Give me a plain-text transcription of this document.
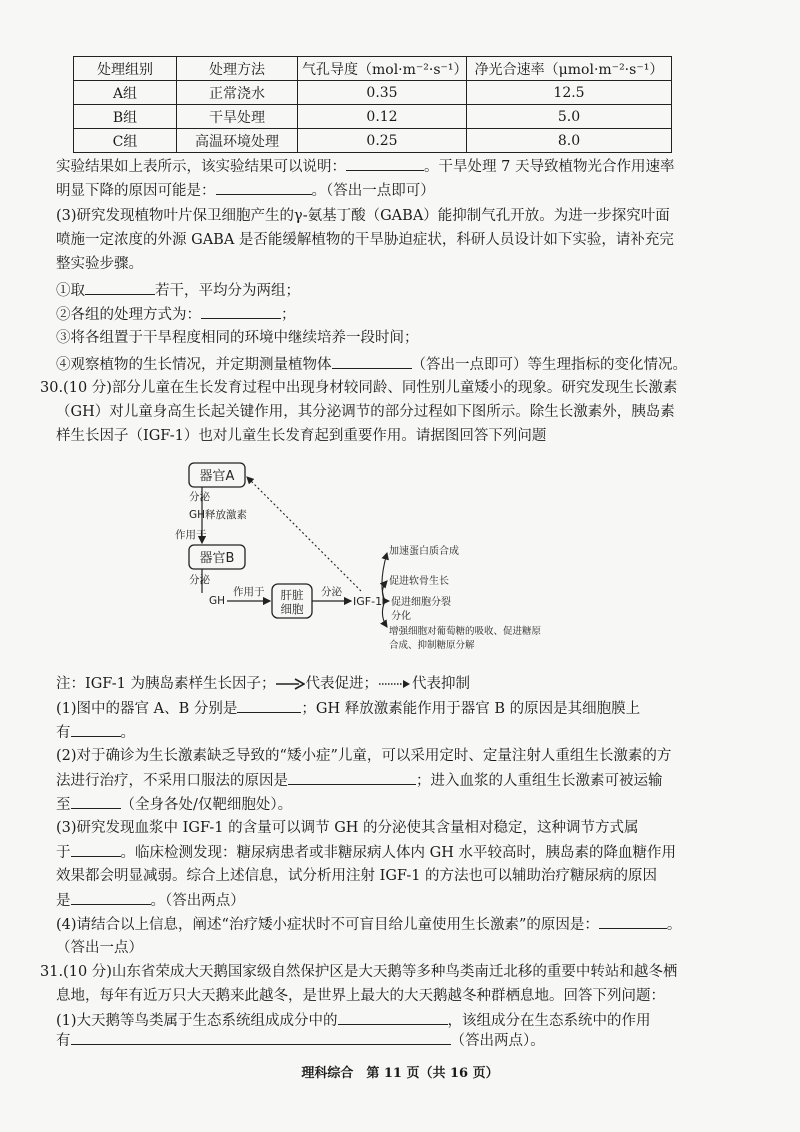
处理组别	处理方法	气孔导度（mol·m⁻²·s⁻¹）	净光合速率（μmol·m⁻²·s⁻¹）
A组	正常浇水	0.35	12.5
B组	干旱处理	0.12	5.0
C组	高温环境处理	0.25	8.0
实验结果如上表所示，该实验结果可以说明：	。干旱处理 7 天导致植物光合作用速率
明显下降的原因可能是：	。（答出一点即可）
(3)研究发现植物叶片保卫细胞产生的γ-氨基丁酸（GABA）能抑制气孔开放。为进一步探究叶面
喷施一定浓度的外源 GABA 是否能缓解植物的干旱胁迫症状，科研人员设计如下实验，请补充完
整实验步骤。
①取	若干，平均分为两组；
②各组的处理方式为：	；
③将各组置于干旱程度相同的环境中继续培养一段时间；
④观察植物的生长情况，并定期测量植物体	（答出一点即可）等生理指标的变化情况。
30.(10 分)部分儿童在生长发育过程中出现身材较同龄、同性别儿童矮小的现象。研究发现生长激素
（GH）对儿童身高生长起关键作用，其分泌调节的部分过程如下图所示。除生长激素外，胰岛素
样生长因子（IGF-1）也对儿童生长发育起到重要作用。请据图回答下列问题
器官A
分泌
GH释放激素
作用于
器官B
分泌
GH
作用于 肝脏
细胞
分泌
IGF-1
加速蛋白质合成
促进软骨生长
促进细胞分裂
分化
增强细胞对葡萄糖的吸收、促进糖原
合成、抑制糖原分解
注：IGF-1 为胰岛素样生长因子； 代表促进； 代表抑制
(1)图中的器官 A、B 分别是	；GH 释放激素能作用于器官 B 的原因是其细胞膜上
有	。
(2)对于确诊为生长激素缺乏导致的“矮小症”儿童，可以采用定时、定量注射人重组生长激素的方
法进行治疗，不采用口服法的原因是	；进入血浆的人重组生长激素可被运输
至	（全身各处/仅靶细胞处）。
(3)研究发现血浆中 IGF-1 的含量可以调节 GH 的分泌使其含量相对稳定，这种调节方式属
于	。临床检测发现：糖尿病患者或非糖尿病人体内 GH 水平较高时，胰岛素的降血糖作用
效果都会明显减弱。综合上述信息，试分析用注射 IGF-1 的方法也可以辅助治疗糖尿病的原因
是	。（答出两点）
(4)请结合以上信息，阐述“治疗矮小症状时不可盲目给儿童使用生长激素”的原因是：	。
（答出一点）
31.(10 分)山东省荣成大天鹅国家级自然保护区是大天鹅等多种鸟类南迁北移的重要中转站和越冬栖
息地，每年有近万只大天鹅来此越冬，是世界上最大的大天鹅越冬种群栖息地。回答下列问题：
(1)大天鹅等鸟类属于生态系统组成成分中的	，该组成分在生态系统中的作用
有	（答出两点）。
理科综合　第 11 页（共 16 页）
